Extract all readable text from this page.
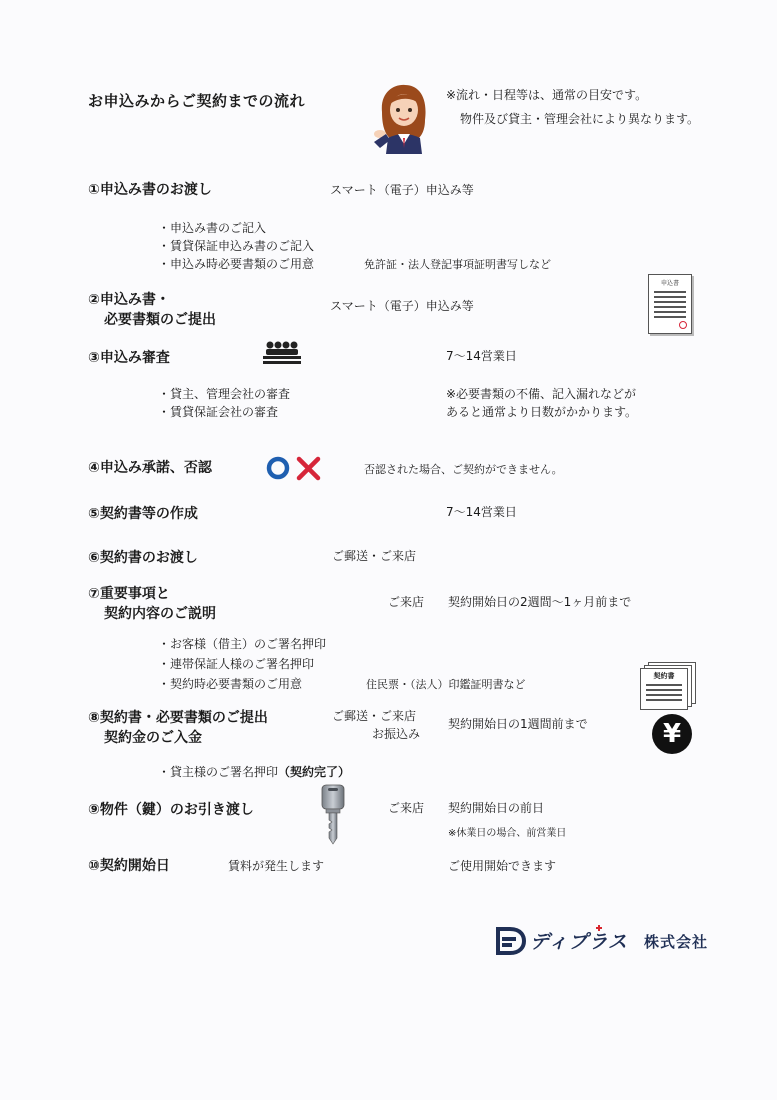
お申込みからご契約までの流れ	※流れ・日程等は、通常の目安です。
物件及び貸主・管理会社により異なります。
①申込み書のお渡し	スマート（電子）申込み等
・申込み書のご記入
・賃貸保証申込み書のご記入
・申込み時必要書類のご用意	免許証・法人登記事項証明書写しなど
②申込み書・
必要書類のご提出
スマート（電子）申込み等
申込書
③申込み審査	7〜14営業日
・貸主、管理会社の審査
・賃貸保証会社の審査
※必要書類の不備、記入漏れなどが
あると通常より日数がかかります。
④申込み承諾、否認	否認された場合、ご契約ができません。
⑤契約書等の作成	7〜14営業日
⑥契約書のお渡し	ご郵送・ご来店
⑦重要事項と
契約内容のご説明
ご来店 契約開始日の2週間〜1ヶ月前まで
・お客様（借主）のご署名押印
・連帯保証人様のご署名押印
・契約時必要書類のご用意	住民票・（法人）印鑑証明書など
契約書
⑧契約書・必要書類のご提出
契約金のご入金
ご郵送・ご来店
お振込み
契約開始日の1週間前まで	¥
・貸主様のご署名押印（契約完了）
⑨物件（鍵）のお引き渡し	ご来店 契約開始日の前日
※休業日の場合、前営業日
⑩契約開始日	賃料が発生します	ご使用開始できます
ディプラス 株式会社
